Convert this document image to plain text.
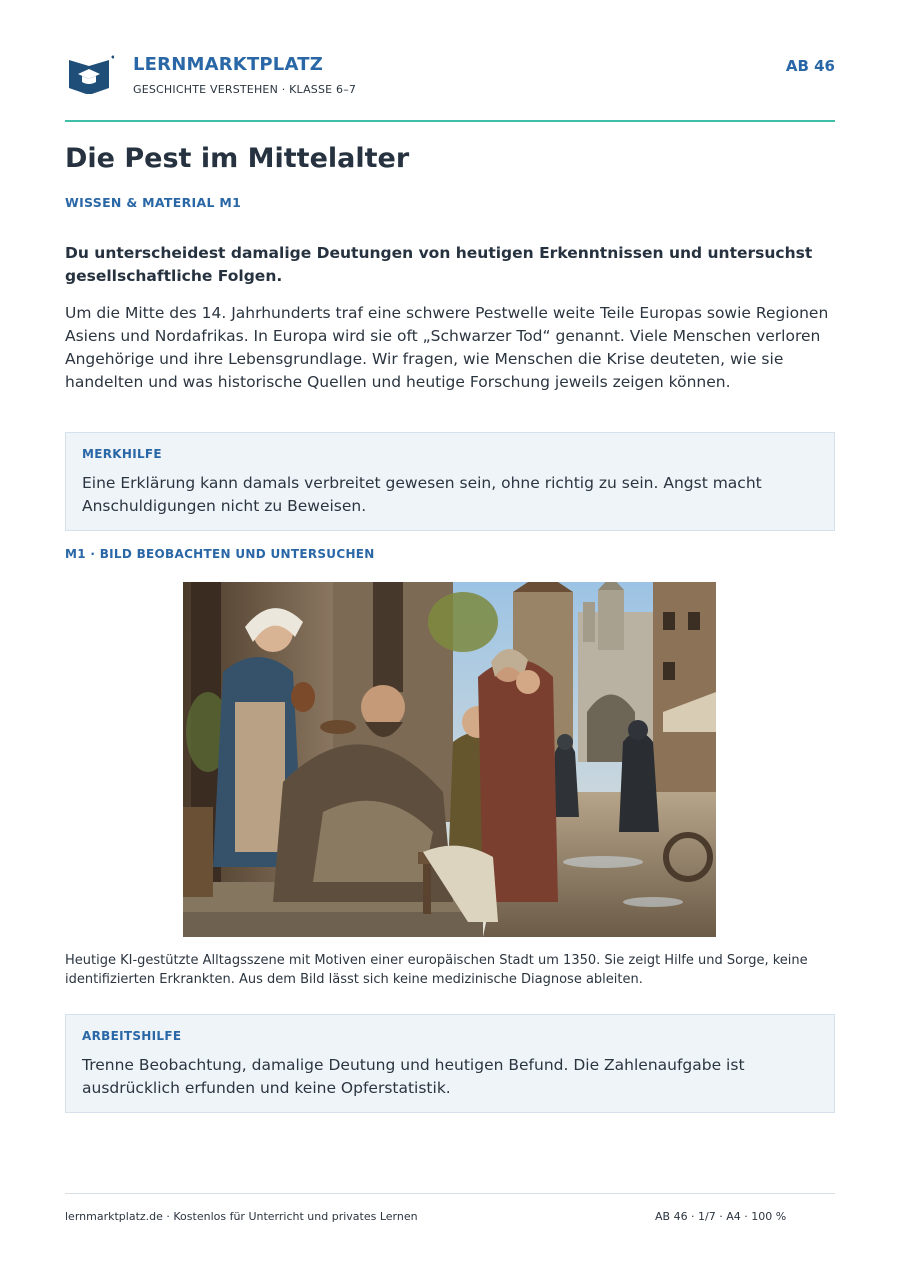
LERNMARKTPLATZ
GESCHICHTE VERSTEHEN · KLASSE 6–7
AB 46
Die Pest im Mittelalter
WISSEN & MATERIAL M1
Du unterscheidest damalige Deutungen von heutigen Erkenntnissen und untersuchst gesellschaftliche Folgen.
Um die Mitte des 14. Jahrhunderts traf eine schwere Pestwelle weite Teile Europas sowie Regionen Asiens und Nordafrikas. In Europa wird sie oft „Schwarzer Tod“ genannt. Viele Menschen verloren Angehörige und ihre Lebensgrundlage. Wir fragen, wie Menschen die Krise deuteten, wie sie handelten und was historische Quellen und heutige Forschung jeweils zeigen können.
MERKHILFE
Eine Erklärung kann damals verbreitet gewesen sein, ohne richtig zu sein. Angst macht Anschuldigungen nicht zu Beweisen.
M1 · BILD BEOBACHTEN UND UNTERSUCHEN
Heutige KI-gestützte Alltagsszene mit Motiven einer europäischen Stadt um 1350. Sie zeigt Hilfe und Sorge, keine identifizierten Erkrankten. Aus dem Bild lässt sich keine medizinische Diagnose ableiten.
ARBEITSHILFE
Trenne Beobachtung, damalige Deutung und heutigen Befund. Die Zahlenaufgabe ist ausdrücklich erfunden und keine Opferstatistik.
lernmarktplatz.de · Kostenlos für Unterricht und privates Lernen	AB 46 · 1/7 · A4 · 100 %
